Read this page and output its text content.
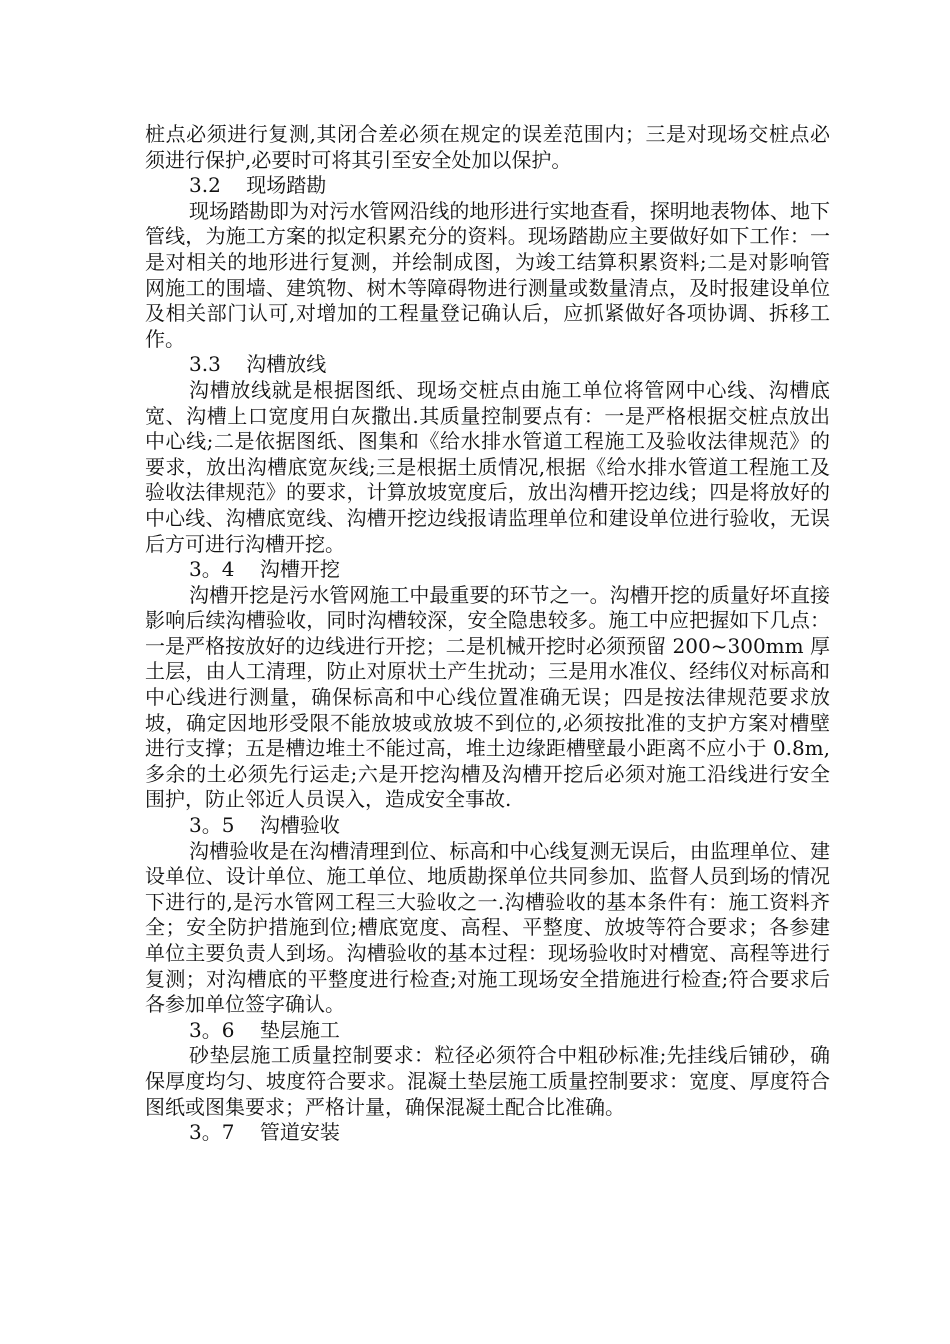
桩点必须进行复测,其闭合差必须在规定的误差范围内；三是对现场交桩点必须进行保护,必要时可将其引至安全处加以保护。

3.2 现场踏勘

现场踏勘即为对污水管网沿线的地形进行实地查看，探明地表物体、地下管线，为施工方案的拟定积累充分的资料。现场踏勘应主要做好如下工作：一是对相关的地形进行复测，并绘制成图，为竣工结算积累资料;二是对影响管网施工的围墙、建筑物、树木等障碍物进行测量或数量清点，及时报建设单位及相关部门认可,对增加的工程量登记确认后，应抓紧做好各项协调、拆移工作。

3.3 沟槽放线

沟槽放线就是根据图纸、现场交桩点由施工单位将管网中心线、沟槽底宽、沟槽上口宽度用白灰撒出.其质量控制要点有：一是严格根据交桩点放出中心线;二是依据图纸、图集和《给水排水管道工程施工及验收法律规范》的要求，放出沟槽底宽灰线;三是根据土质情况,根据《给水排水管道工程施工及验收法律规范》的要求，计算放坡宽度后，放出沟槽开挖边线；四是将放好的中心线、沟槽底宽线、沟槽开挖边线报请监理单位和建设单位进行验收，无误后方可进行沟槽开挖。

3。4 沟槽开挖

沟槽开挖是污水管网施工中最重要的环节之一。沟槽开挖的质量好坏直接影响后续沟槽验收，同时沟槽较深，安全隐患较多。施工中应把握如下几点：一是严格按放好的边线进行开挖；二是机械开挖时必须预留 200~300mm 厚土层，由人工清理，防止对原状土产生扰动；三是用水准仪、经纬仪对标高和中心线进行测量，确保标高和中心线位置准确无误；四是按法律规范要求放坡，确定因地形受限不能放坡或放坡不到位的,必须按批准的支护方案对槽壁进行支撑；五是槽边堆土不能过高，堆土边缘距槽壁最小距离不应小于 0.8m,多余的土必须先行运走;六是开挖沟槽及沟槽开挖后必须对施工沿线进行安全围护，防止邻近人员误入，造成安全事故.

3。5 沟槽验收

沟槽验收是在沟槽清理到位、标高和中心线复测无误后，由监理单位、建设单位、设计单位、施工单位、地质勘探单位共同参加、监督人员到场的情况下进行的,是污水管网工程三大验收之一.沟槽验收的基本条件有：施工资料齐全；安全防护措施到位;槽底宽度、高程、平整度、放坡等符合要求；各参建单位主要负责人到场。沟槽验收的基本过程：现场验收时对槽宽、高程等进行复测；对沟槽底的平整度进行检查;对施工现场安全措施进行检查;符合要求后各参加单位签字确认。

3。6 垫层施工

砂垫层施工质量控制要求：粒径必须符合中粗砂标准;先挂线后铺砂，确保厚度均匀、坡度符合要求。混凝土垫层施工质量控制要求：宽度、厚度符合图纸或图集要求；严格计量，确保混凝土配合比准确。

3。7 管道安装
